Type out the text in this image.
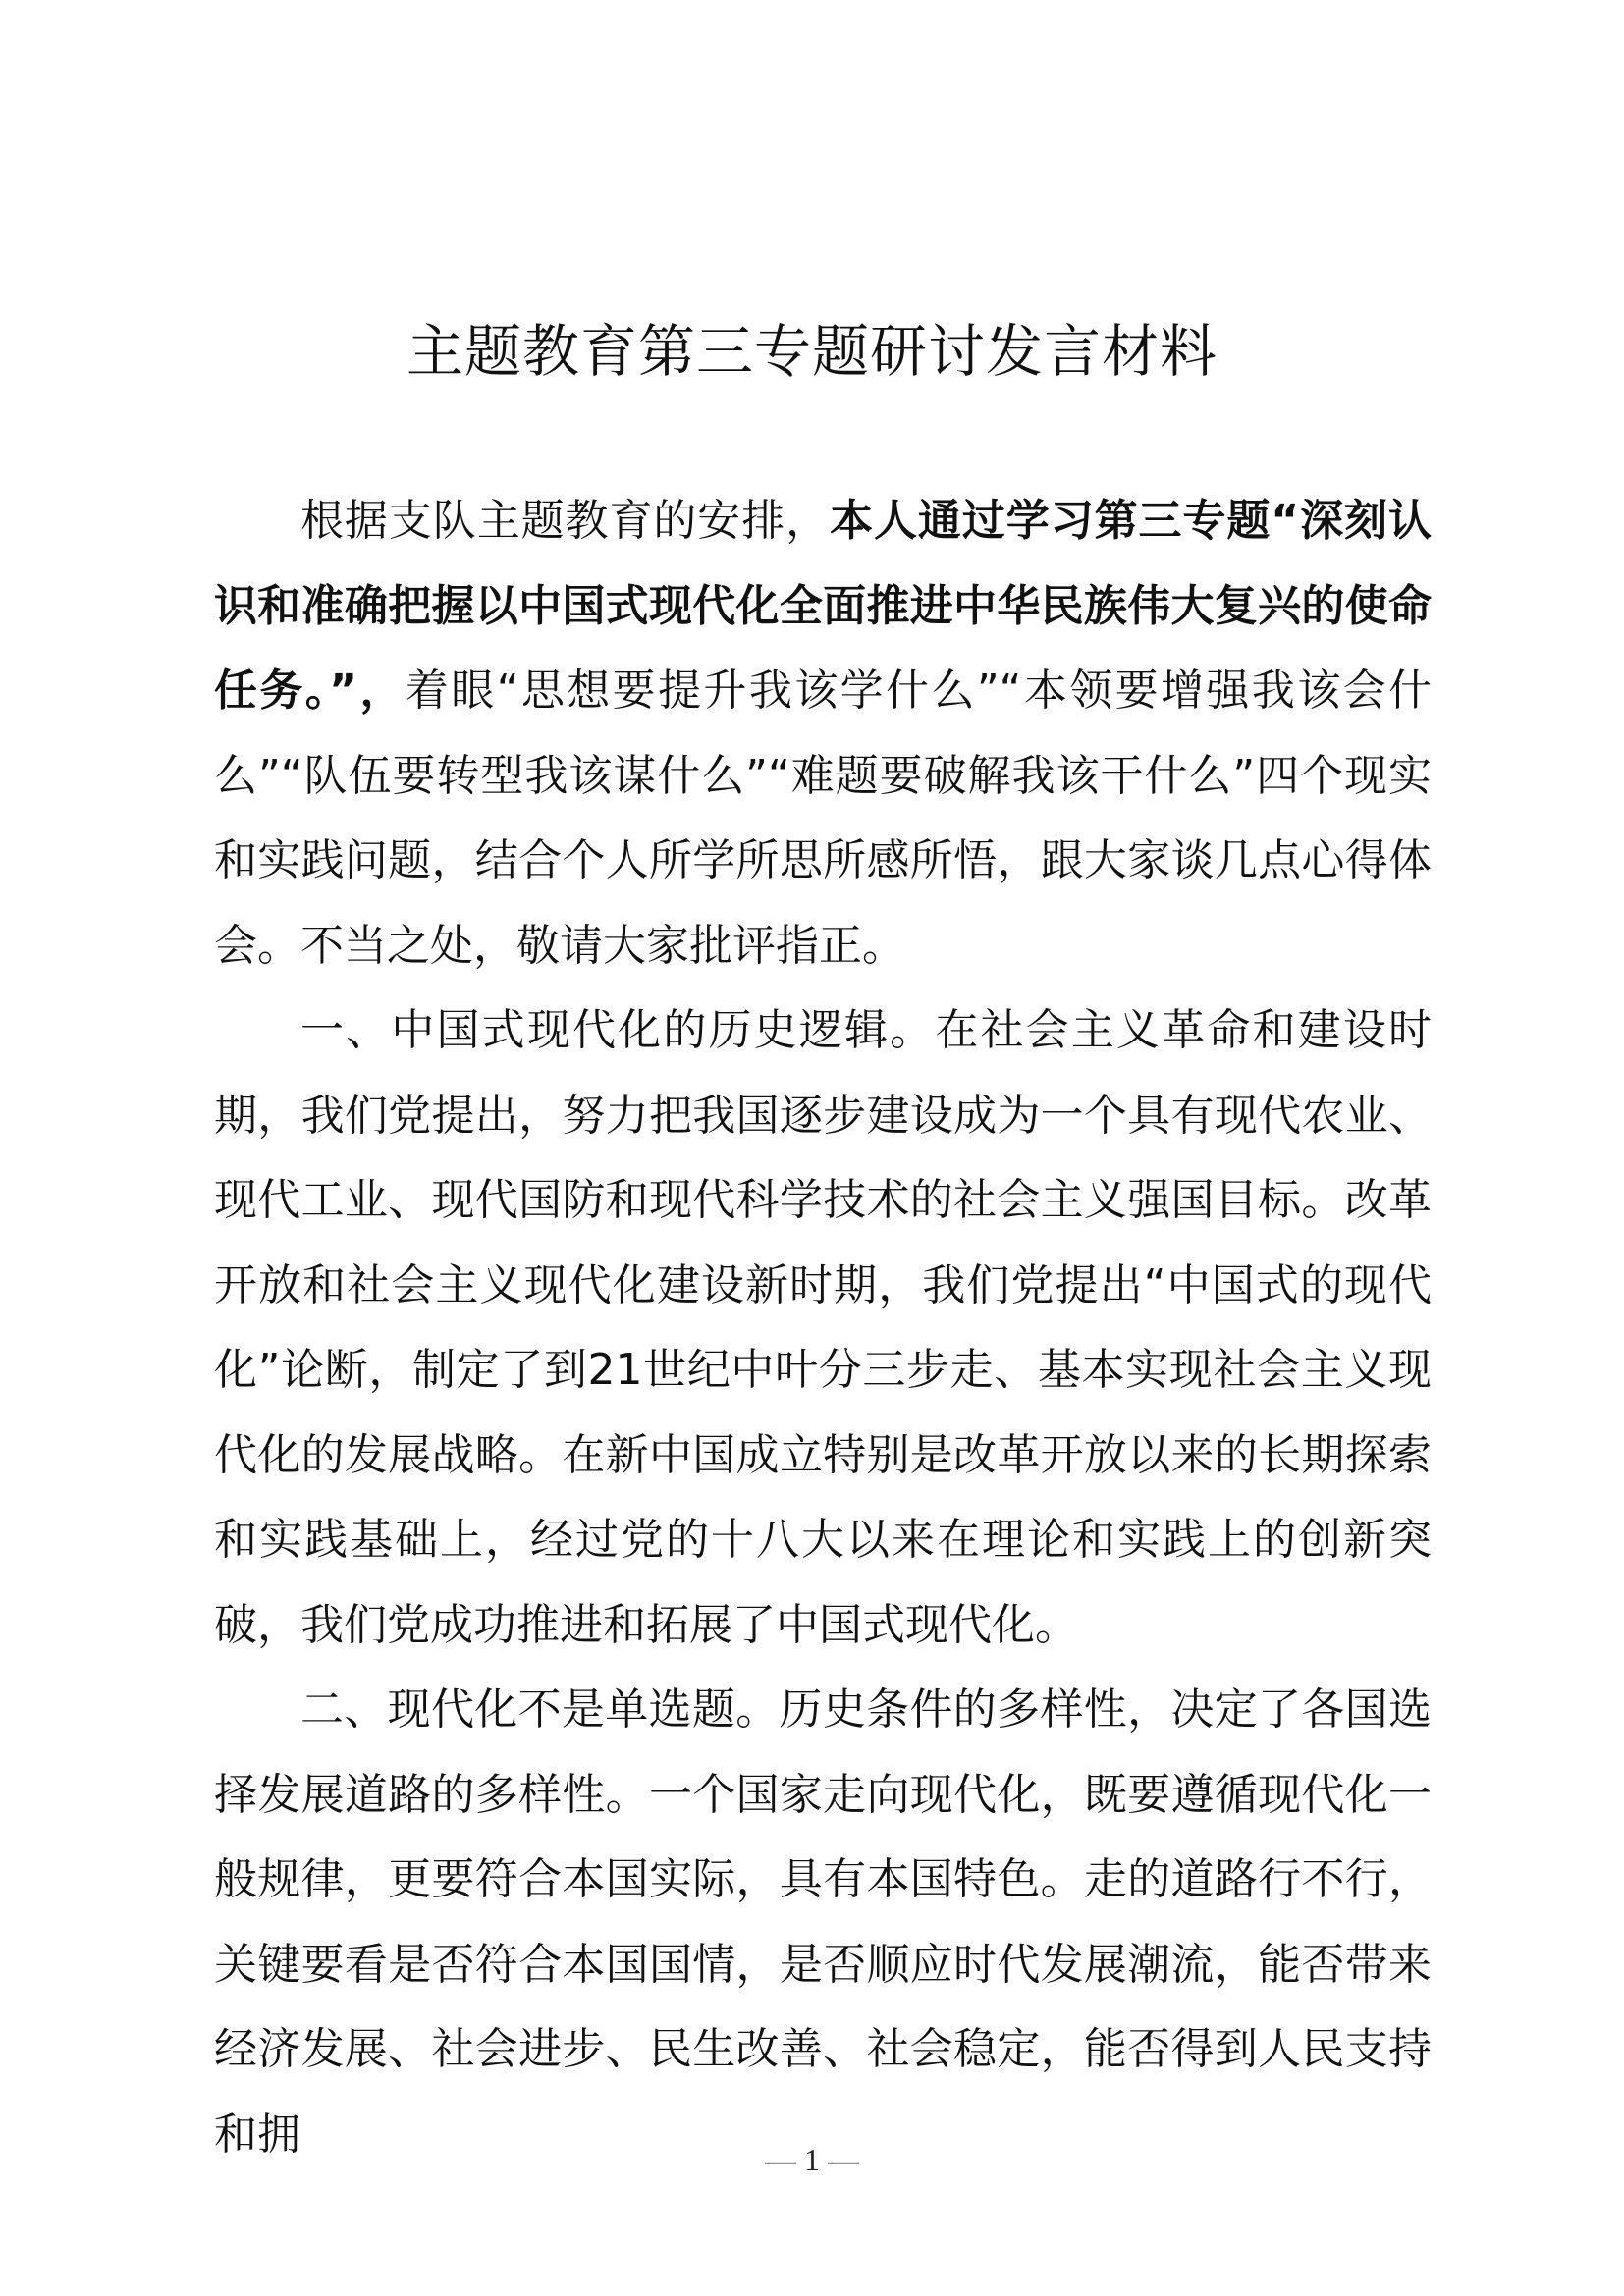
主题教育第三专题研讨发言材料

根据支队主题教育的安排，本人通过学习第三专题“深刻认识和准确把握以中国式现代化全面推进中华民族伟大复兴的使命任务。”，着眼“思想要提升我该学什么”“本领要增强我该会什么”“队伍要转型我该谋什么”“难题要破解我该干什么”四个现实和实践问题，结合个人所学所思所感所悟，跟大家谈几点心得体会。不当之处，敬请大家批评指正。

一、中国式现代化的历史逻辑。在社会主义革命和建设时期，我们党提出，努力把我国逐步建设成为一个具有现代农业、现代工业、现代国防和现代科学技术的社会主义强国目标。改革开放和社会主义现代化建设新时期，我们党提出“中国式的现代化”论断，制定了到21世纪中叶分三步走、基本实现社会主义现代化的发展战略。在新中国成立特别是改革开放以来的长期探索和实践基础上，经过党的十八大以来在理论和实践上的创新突破，我们党成功推进和拓展了中国式现代化。

二、现代化不是单选题。历史条件的多样性，决定了各国选择发展道路的多样性。一个国家走向现代化，既要遵循现代化一般规律，更要符合本国实际，具有本国特色。走的道路行不行，关键要看是否符合本国国情，是否顺应时代发展潮流，能否带来经济发展、社会进步、民生改善、社会稳定，能否得到人民支持和拥

— 1 —
